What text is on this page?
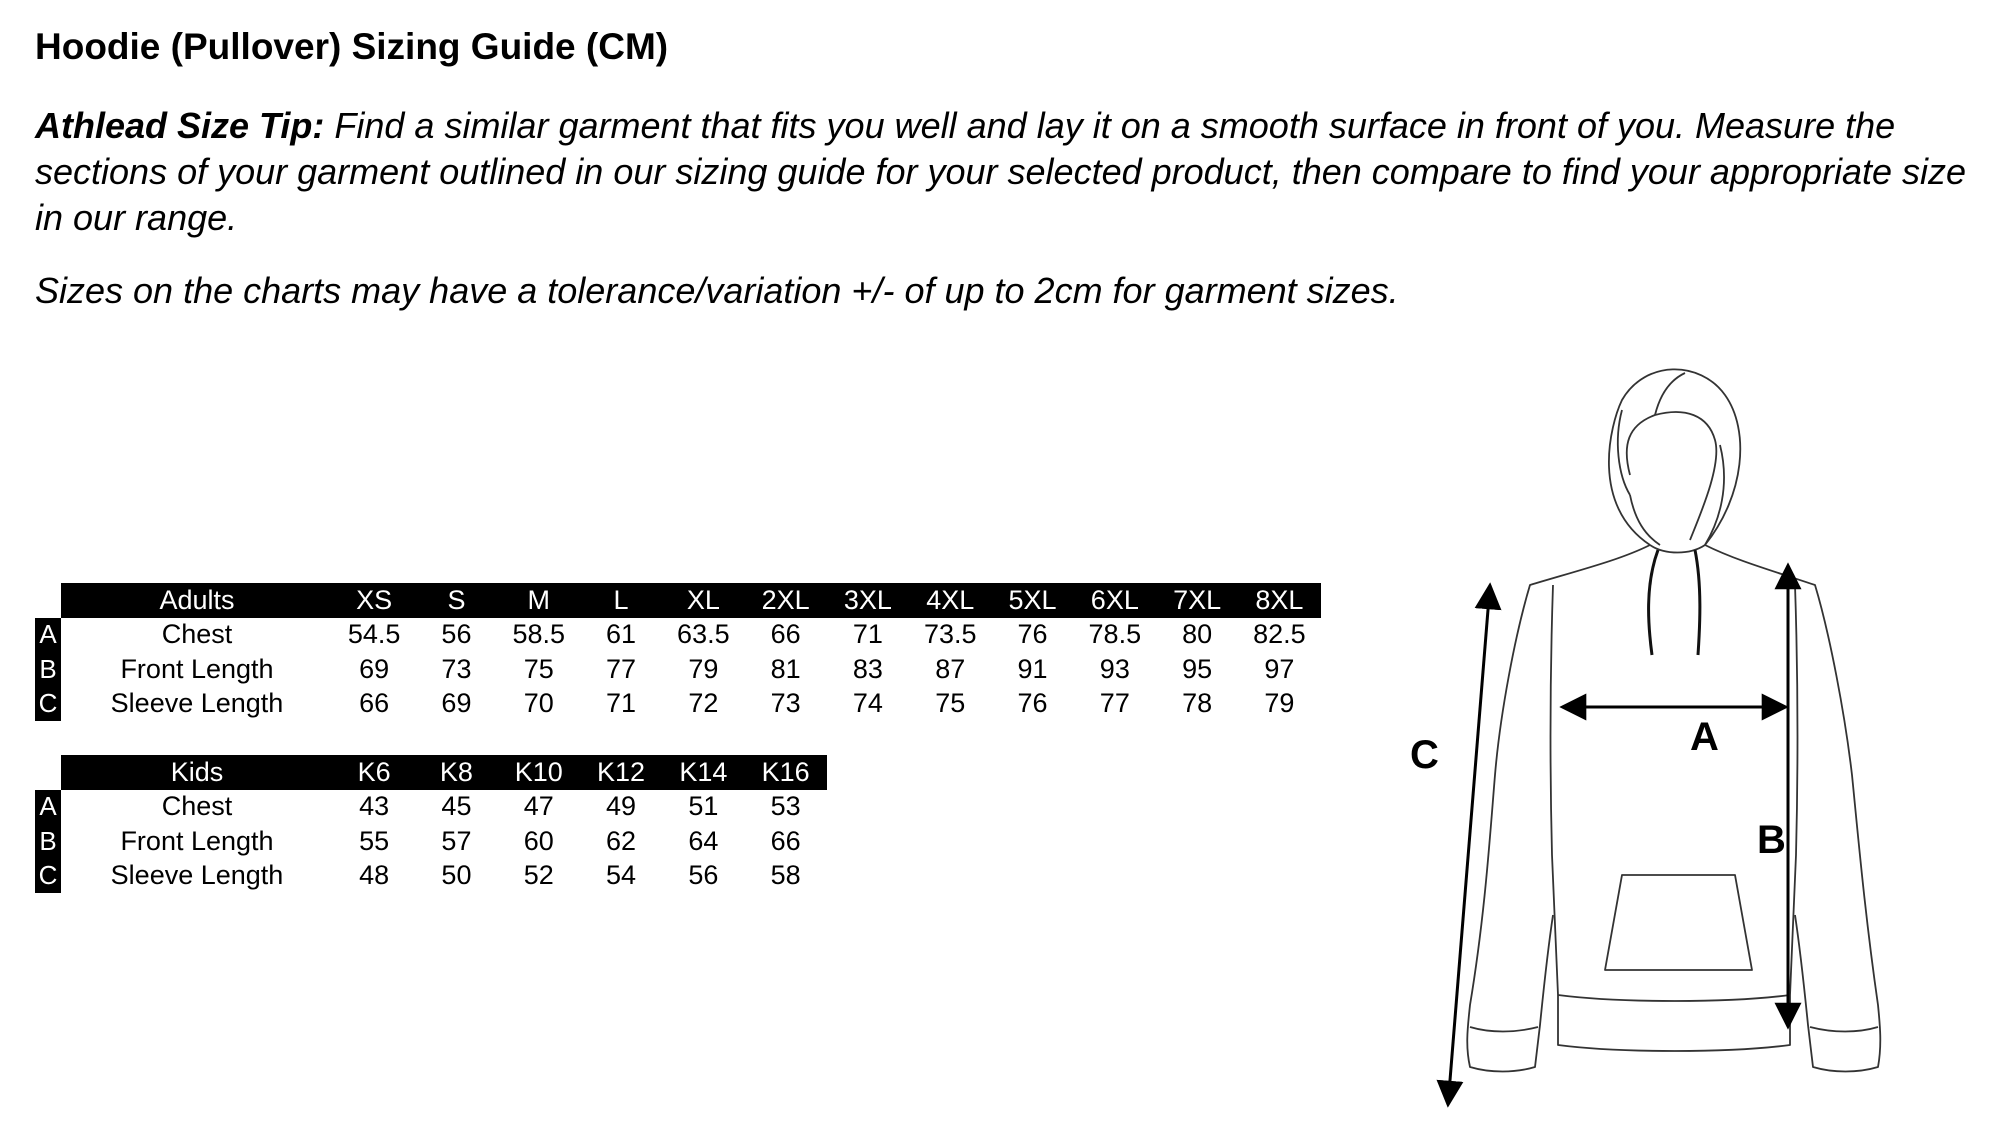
Hoodie (Pullover) Sizing Guide (CM)

Athlead Size Tip: Find a similar garment that fits you well and lay it on a smooth surface in front of you. Measure the sections of your garment outlined in our sizing guide for your selected product, then compare to find your appropriate size in our range.

Sizes on the charts may have a tolerance/variation +/- of up to 2cm for garment sizes.

	Adults	XS	S	M	L	XL	2XL	3XL	4XL	5XL	6XL	7XL	8XL
A	Chest	54.5	56	58.5	61	63.5	66	71	73.5	76	78.5	80	82.5
B	Front Length	69	73	75	77	79	81	83	87	91	93	95	97
C	Sleeve Length	66	69	70	71	72	73	74	75	76	77	78	79
	Kids	K6	K8	K10	K12	K14	K16
A	Chest	43	45	47	49	51	53
B	Front Length	55	57	60	62	64	66
C	Sleeve Length	48	50	52	54	56	58
A
B
C
